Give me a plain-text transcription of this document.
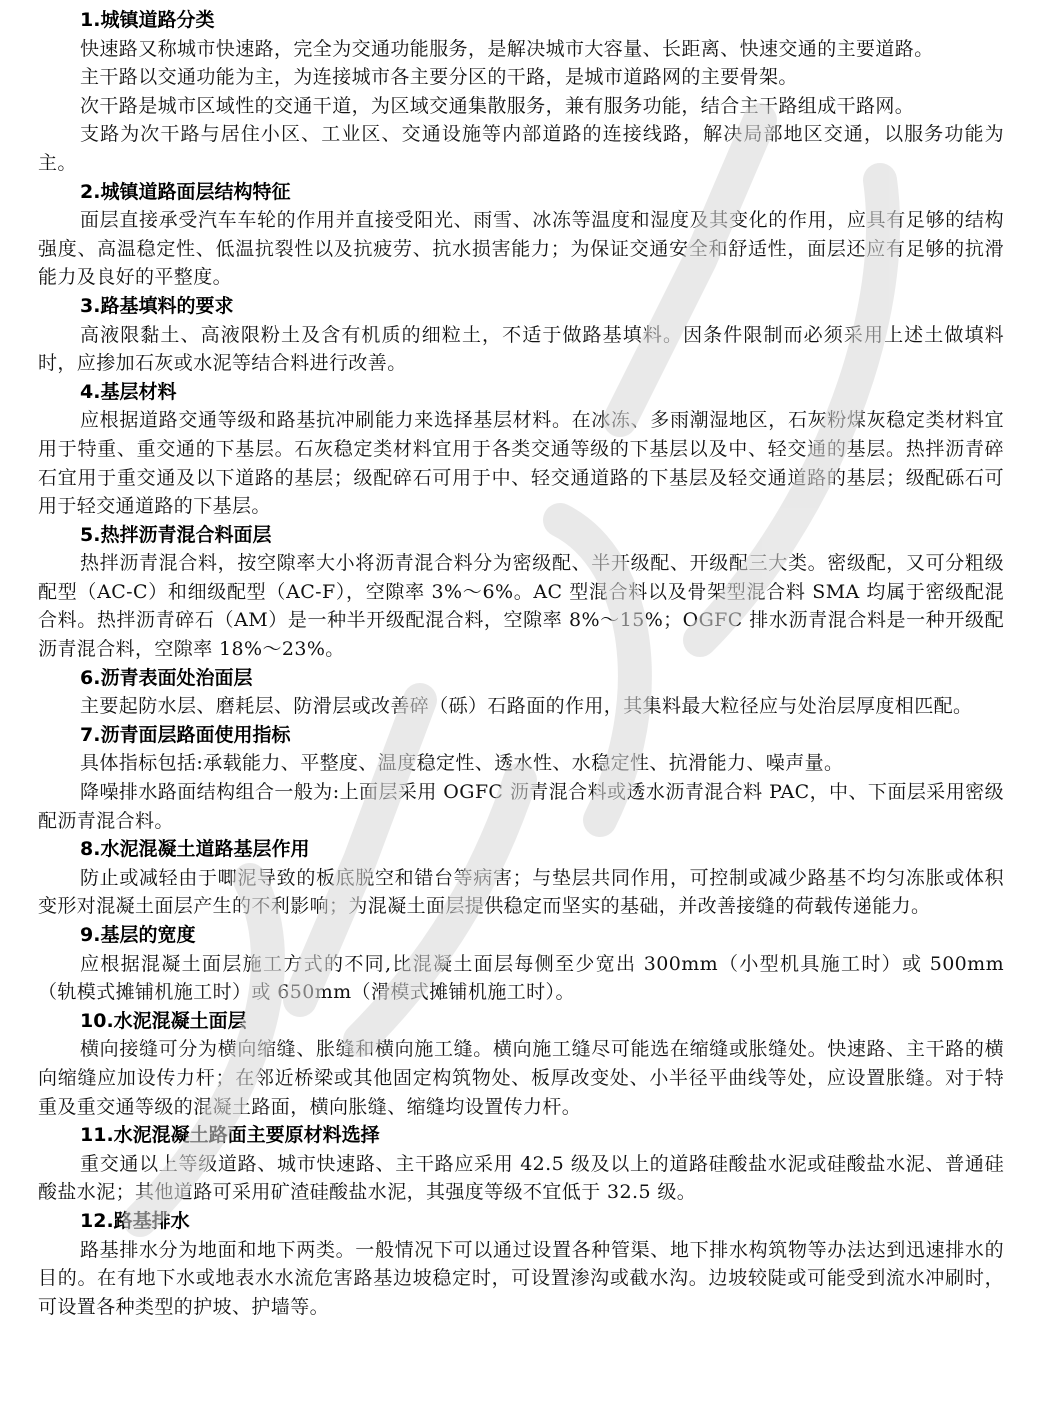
1.城镇道路分类

快速路又称城市快速路，完全为交通功能服务，是解决城市大容量、长距离、快速交通的主要道路。

主干路以交通功能为主，为连接城市各主要分区的干路，是城市道路网的主要骨架。

次干路是城市区域性的交通干道，为区域交通集散服务，兼有服务功能，结合主干路组成干路网。

支路为次干路与居住小区、工业区、交通设施等内部道路的连接线路，解决局部地区交通，以服务功能为主。

2.城镇道路面层结构特征

面层直接承受汽车车轮的作用并直接受阳光、雨雪、冰冻等温度和湿度及其变化的作用，应具有足够的结构强度、高温稳定性、低温抗裂性以及抗疲劳、抗水损害能力；为保证交通安全和舒适性，面层还应有足够的抗滑能力及良好的平整度。

3.路基填料的要求

高液限黏土、高液限粉土及含有机质的细粒土，不适于做路基填料。因条件限制而必须采用上述土做填料时，应掺加石灰或水泥等结合料进行改善。

4.基层材料

应根据道路交通等级和路基抗冲刷能力来选择基层材料。在冰冻、多雨潮湿地区，石灰粉煤灰稳定类材料宜用于特重、重交通的下基层。石灰稳定类材料宜用于各类交通等级的下基层以及中、轻交通的基层。热拌沥青碎石宜用于重交通及以下道路的基层；级配碎石可用于中、轻交通道路的下基层及轻交通道路的基层；级配砾石可用于轻交通道路的下基层。

5.热拌沥青混合料面层

热拌沥青混合料，按空隙率大小将沥青混合料分为密级配、半开级配、开级配三大类。密级配，又可分粗级配型（AC-C）和细级配型（AC-F），空隙率 3%～6%。AC 型混合料以及骨架型混合料 SMA 均属于密级配混合料。热拌沥青碎石（AM）是一种半开级配混合料，空隙率 8%～15%；OGFC 排水沥青混合料是一种开级配沥青混合料，空隙率 18%～23%。

6.沥青表面处治面层

主要起防水层、磨耗层、防滑层或改善碎（砾）石路面的作用，其集料最大粒径应与处治层厚度相匹配。

7.沥青面层路面使用指标

具体指标包括:承载能力、平整度、温度稳定性、透水性、水稳定性、抗滑能力、噪声量。

降噪排水路面结构组合一般为:上面层采用 OGFC 沥青混合料或透水沥青混合料 PAC，中、下面层采用密级配沥青混合料。

8.水泥混凝土道路基层作用

防止或减轻由于唧泥导致的板底脱空和错台等病害；与垫层共同作用，可控制或减少路基不均匀冻胀或体积变形对混凝土面层产生的不利影响；为混凝土面层提供稳定而坚实的基础，并改善接缝的荷载传递能力。

9.基层的宽度

应根据混凝土面层施工方式的不同,比混凝土面层每侧至少宽出 300mm（小型机具施工时）或 500mm（轨模式摊铺机施工时）或 650mm（滑模式摊铺机施工时）。

10.水泥混凝土面层

横向接缝可分为横向缩缝、胀缝和横向施工缝。横向施工缝尽可能选在缩缝或胀缝处。快速路、主干路的横向缩缝应加设传力杆；在邻近桥梁或其他固定构筑物处、板厚改变处、小半径平曲线等处，应设置胀缝。对于特重及重交通等级的混凝土路面，横向胀缝、缩缝均设置传力杆。

11.水泥混凝土路面主要原材料选择

重交通以上等级道路、城市快速路、主干路应采用 42.5 级及以上的道路硅酸盐水泥或硅酸盐水泥、普通硅酸盐水泥；其他道路可采用矿渣硅酸盐水泥，其强度等级不宜低于 32.5 级。

12.路基排水

路基排水分为地面和地下两类。一般情况下可以通过设置各种管渠、地下排水构筑物等办法达到迅速排水的目的。在有地下水或地表水水流危害路基边坡稳定时，可设置渗沟或截水沟。边坡较陡或可能受到流水冲刷时，可设置各种类型的护坡、护墙等。
